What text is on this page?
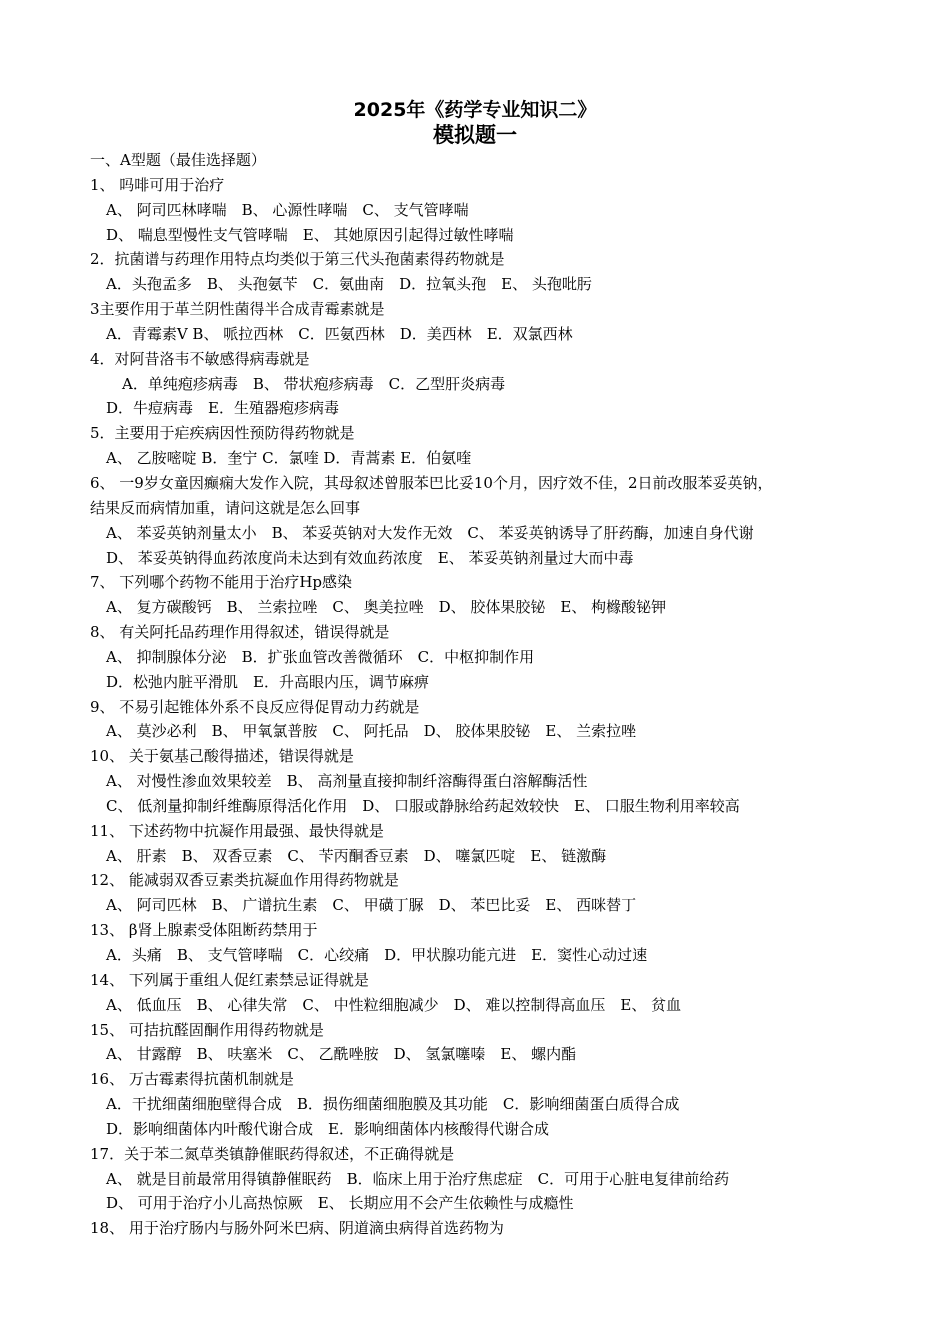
2025年《药学专业知识二》
模拟题一
一、A型题（最佳选择题）
1、 吗啡可用于治疗
A、 阿司匹林哮喘　B、 心源性哮喘　C、 支气管哮喘
D、 喘息型慢性支气管哮喘　E、 其她原因引起得过敏性哮喘
2．抗菌谱与药理作用特点均类似于第三代头孢菌素得药物就是
A．头孢孟多　B、 头孢氨苄　C．氨曲南　D．拉氧头孢　E、 头孢吡肟
3主要作用于革兰阴性菌得半合成青霉素就是
A．青霉素Ⅴ B、 哌拉西林　C．匹氨西林　D．美西林　E．双氯西林
4．对阿昔洛韦不敏感得病毒就是
A．单纯疱疹病毒　B、 带状疱疹病毒　C．乙型肝炎病毒
D．牛痘病毒　E．生殖器疱疹病毒
5．主要用于疟疾病因性预防得药物就是
A、 乙胺嘧啶 B．奎宁 C．氯喹 D．青蒿素 E．伯氨喹
6、 一9岁女童因癫痫大发作入院，其母叙述曾服苯巴比妥10个月，因疗效不佳，2日前改服苯妥英钠，
结果反而病情加重，请问这就是怎么回事
A、 苯妥英钠剂量太小　B、 苯妥英钠对大发作无效　C、 苯妥英钠诱导了肝药酶，加速自身代谢
D、 苯妥英钠得血药浓度尚未达到有效血药浓度　E、 苯妥英钠剂量过大而中毒
7、 下列哪个药物不能用于治疗Hp感染
A、 复方碳酸钙　B、 兰索拉唑　C、 奥美拉唑　D、 胶体果胶铋　E、 枸橼酸铋钾
8、 有关阿托品药理作用得叙述，错误得就是
A、 抑制腺体分泌　B．扩张血管改善微循环　C．中枢抑制作用
D．松弛内脏平滑肌　E．升高眼内压，调节麻痹
9、 不易引起锥体外系不良反应得促胃动力药就是
A、 莫沙必利　B、 甲氧氯普胺　C、 阿托品　D、 胶体果胶铋　E、 兰索拉唑
10、 关于氨基己酸得描述，错误得就是
A、 对慢性渗血效果较差　B、 高剂量直接抑制纤溶酶得蛋白溶解酶活性
C、 低剂量抑制纤维酶原得活化作用　D、 口服或静脉给药起效较快　E、 口服生物利用率较高
11、 下述药物中抗凝作用最强、最快得就是
A、 肝素　B、 双香豆素　C、 苄丙酮香豆素　D、 噻氯匹啶　E、 链激酶
12、 能减弱双香豆素类抗凝血作用得药物就是
A、 阿司匹林　B、 广谱抗生素　C、 甲磺丁脲　D、 苯巴比妥　E、 西咪替丁
13、 β肾上腺素受体阻断药禁用于
A．头痛　B、 支气管哮喘　C．心绞痛　D．甲状腺功能亢进　E．窦性心动过速
14、 下列属于重组人促红素禁忌证得就是
A、 低血压　B、 心律失常　C、 中性粒细胞减少　D、 难以控制得高血压　E、 贫血
15、 可拮抗醛固酮作用得药物就是
A、 甘露醇　B、 呋塞米　C、 乙酰唑胺　D、 氢氯噻嗪　E、 螺内酯
16、 万古霉素得抗菌机制就是
A．干扰细菌细胞壁得合成　B．损伤细菌细胞膜及其功能　C．影响细菌蛋白质得合成
D．影响细菌体内叶酸代谢合成　E．影响细菌体内核酸得代谢合成
17．关于苯二氮草类镇静催眠药得叙述，不正确得就是
A、 就是目前最常用得镇静催眠药　B．临床上用于治疗焦虑症　C．可用于心脏电复律前给药
D、 可用于治疗小儿高热惊厥　E、 长期应用不会产生依赖性与成瘾性
18、 用于治疗肠内与肠外阿米巴病、阴道滴虫病得首选药物为
